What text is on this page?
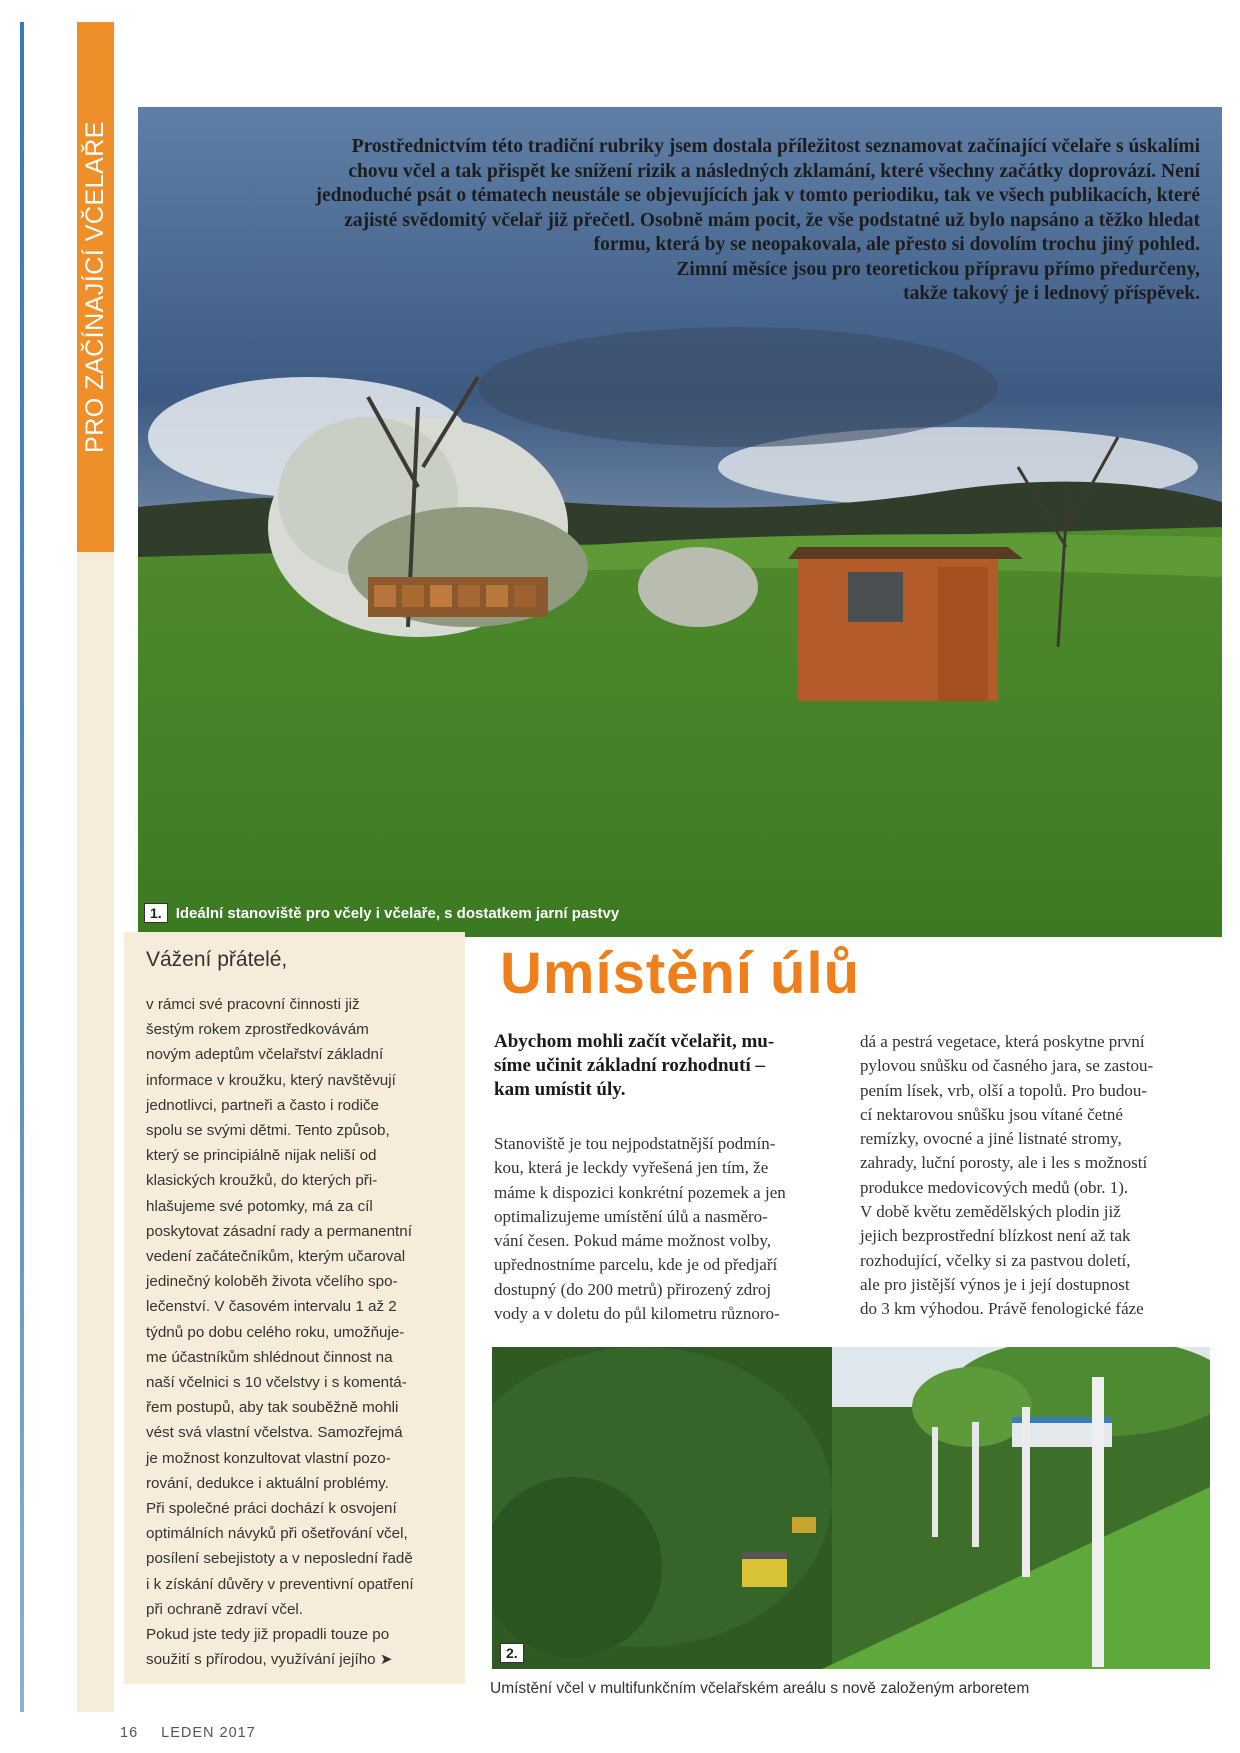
PRO ZAČÍNAJÍCÍ VČELAŘE	Prostřednictvím této tradiční rubriky jsem dostala příležitost seznamovat začínající včelaře s úskalími
chovu včel a tak přispět ke snížení rizik a následných zklamání, které všechny začátky doprovází. Není
jednoduché psát o tématech neustále se objevujících jak v tomto periodiku, tak ve všech publikacích, které
zajisté svědomitý včelař již přečetl. Osobně mám pocit, že vše podstatné už bylo napsáno a těžko hledat
formu, která by se neopakovala, ale přesto si dovolím trochu jiný pohled.
Zimní měsíce jsou pro teoretickou přípravu přímo předurčeny,
takže takový je i lednový příspěvek.
1. Ideální stanoviště pro včely i včelaře, s dostatkem jarní pastvy
Vážení přátelé,

v rámci své pracovní činnosti již
šestým rokem zprostředkovávám
novým adeptům včelařství základní
informace v kroužku, který navštěvují
jednotlivci, partneři a často i rodiče
spolu se svými dětmi. Tento způsob,
který se principiálně nijak neliší od
klasických kroužků, do kterých při-
hlašujeme své potomky, má za cíl
poskytovat zásadní rady a permanentní
vedení začátečníkům, kterým učaroval
jedinečný koloběh života včelího spo-
lečenství. V časovém intervalu 1 až 2
týdnů po dobu celého roku, umožňuje-
me účastníkům shlédnout činnost na
naší včelnici s 10 včelstvy i s komentá-
řem postupů, aby tak souběžně mohli
vést svá vlastní včelstva. Samozřejmá
je možnost konzultovat vlastní pozo-
rování, dedukce i aktuální problémy.
Při společné práci dochází k osvojení
optimálních návyků při ošetřování včel,
posílení sebejistoty a v neposlední řadě
i k získání důvěry v preventivní opatření
při ochraně zdraví včel.
Pokud jste tedy již propadli touze po
soužití s přírodou, využívání jejího ➤

Umístění úlů

Abychom mohli začít včelařit, mu-
síme učinit základní rozhodnutí –
kam umístit úly.

Stanoviště je tou nejpodstatnější podmín-
kou, která je leckdy vyřešená jen tím, že
máme k dispozici konkrétní pozemek a jen
optimalizujeme umístění úlů a nasměro-
vání česen. Pokud máme možnost volby,
upřednostníme parcelu, kde je od předjaří
dostupný (do 200 metrů) přirozený zdroj
vody a v doletu do půl kilometru různoro-

dá a pestrá vegetace, která poskytne první
pylovou snůšku od časného jara, se zastou-
pením lísek, vrb, olší a topolů. Pro budou-
cí nektarovou snůšku jsou vítané četné
remízky, ovocné a jiné listnaté stromy,
zahrady, luční porosty, ale i les s možností
produkce medovicových medů (obr. 1).
V době květu zemědělských plodin již
jejich bezprostřední blízkost není až tak
rozhodující, včelky si za pastvou doletí,
ale pro jistější výnos je i její dostupnost
do 3 km výhodou. Právě fenologické fáze

2.
Umístění včel v multifunkčním včelařském areálu s nově založeným arboretem
16 LEDEN 2017
